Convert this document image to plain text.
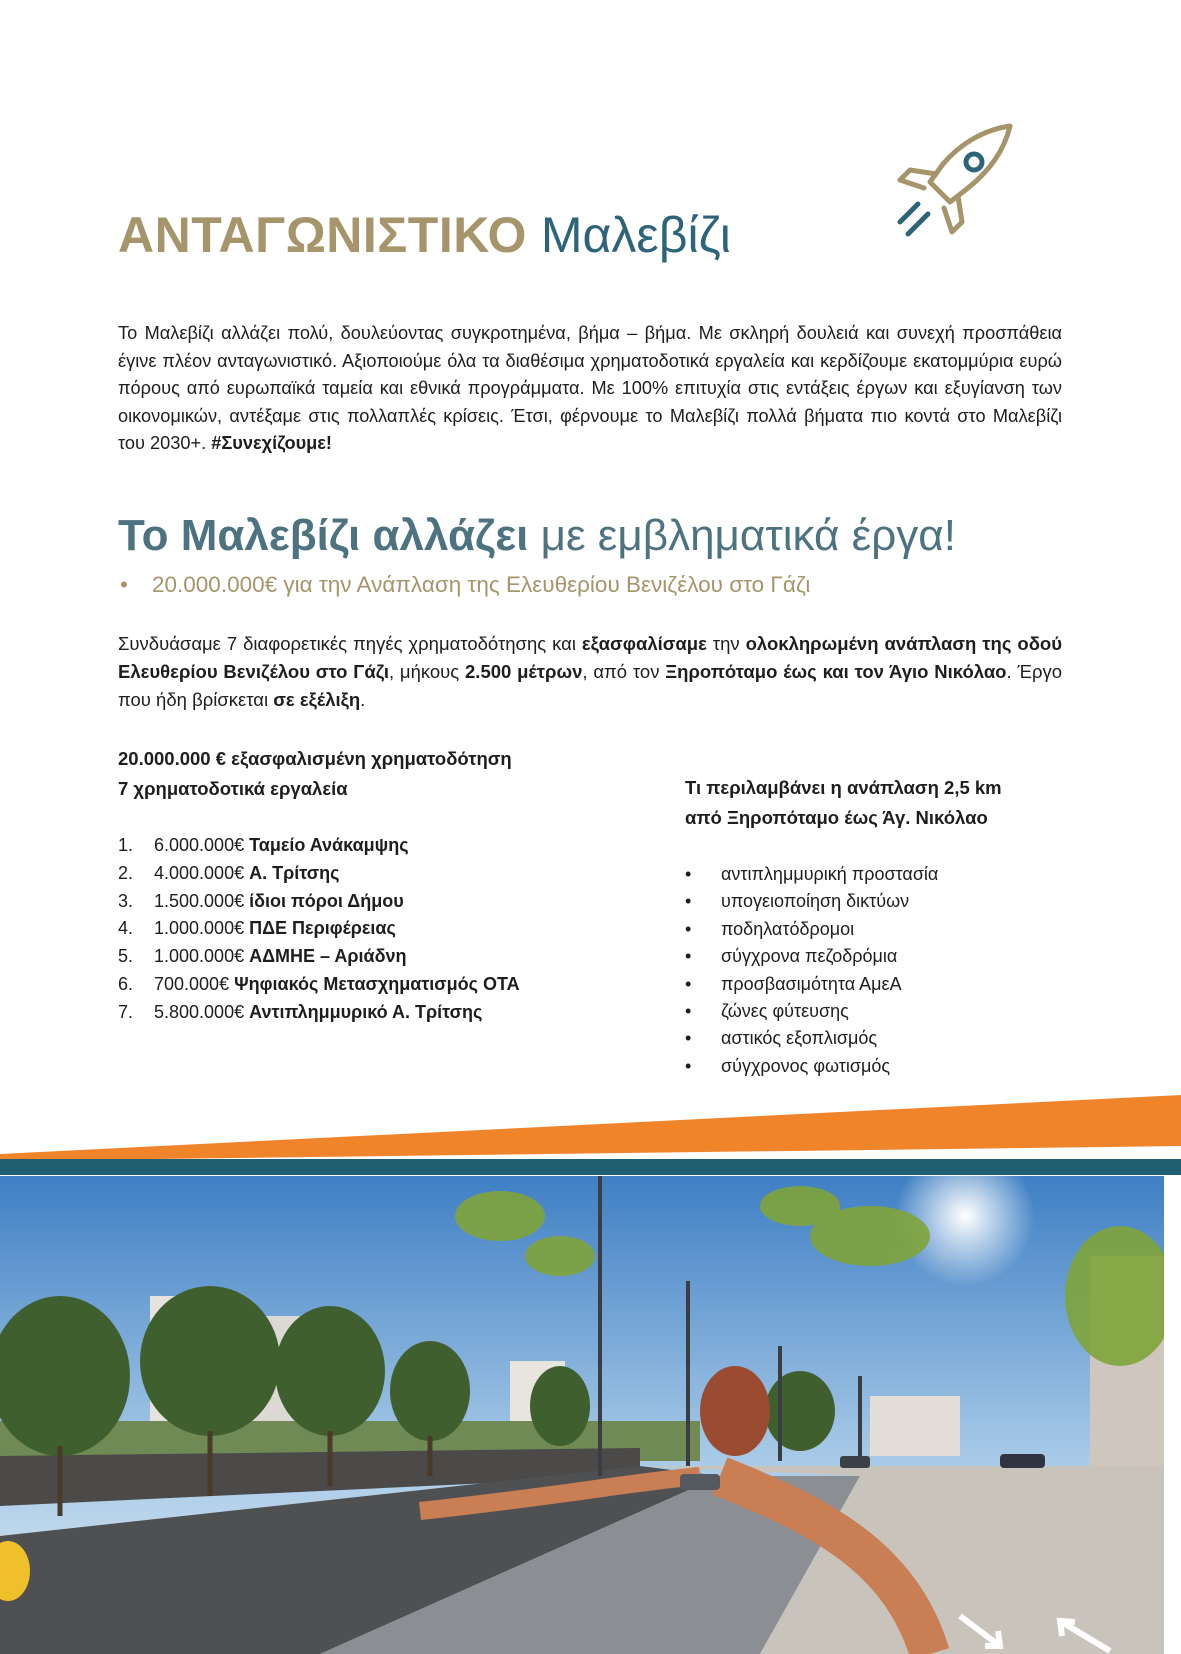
ΑΝΤΑΓΩΝΙΣΤΙΚΟ Μαλεβίζι
Το Μαλεβίζι αλλάζει πολύ, δουλεύοντας συγκροτημένα, βήμα – βήμα. Με σκληρή δουλειά και συνεχή προσπάθεια έγινε πλέον ανταγωνιστικό. Αξιοποιούμε όλα τα διαθέσιμα χρηματοδοτικά εργαλεία και κερδίζουμε εκατομμύρια ευρώ πόρους από ευρωπαϊκά ταμεία και εθνικά προγράμματα. Με 100% επιτυχία στις εντάξεις έργων και εξυγίανση των οικονομικών, αντέξαμε στις πολλαπλές κρίσεις. Έτσι, φέρνουμε το Μαλεβίζι πολλά βήματα πιο κοντά στο Μαλεβίζι του 2030+. #Συνεχίζουμε!
Το Μαλεβίζι αλλάζει με εμβληματικά έργα!
• 20.000.000€ για την Ανάπλαση της Ελευθερίου Βενιζέλου στο Γάζι
Συνδυάσαμε 7 διαφορετικές πηγές χρηματοδότησης και εξασφαλίσαμε την ολοκληρωμένη ανάπλαση της οδού Ελευθερίου Βενιζέλου στο Γάζι, μήκους 2.500 μέτρων, από τον Ξηροπόταμο έως και τον Άγιο Νικόλαο. Έργο που ήδη βρίσκεται σε εξέλιξη.
20.000.000 € εξασφαλισμένη χρηματοδότηση
7 χρηματοδοτικά εργαλεία
1. 6.000.000€ Ταμείο Ανάκαμψης
2. 4.000.000€ Α. Τρίτσης
3. 1.500.000€ ίδιοι πόροι Δήμου
4. 1.000.000€ ΠΔΕ Περιφέρειας
5. 1.000.000€ ΑΔΜΗΕ – Αριάδνη
6. 700.000€ Ψηφιακός Μετασχηματισμός ΟΤΑ
7. 5.800.000€ Αντιπλημμυρικό Α. Τρίτσης
Τι περιλαμβάνει η ανάπλαση 2,5 km
από Ξηροπόταμο έως Άγ. Νικόλαο
• αντιπλημμυρική προστασία
• υπογειοποίηση δικτύων
• ποδηλατόδρομοι
• σύγχρονα πεζοδρόμια
• προσβασιμότητα ΑμεΑ
• ζώνες φύτευσης
• αστικός εξοπλισμός
• σύγχρονος φωτισμός
